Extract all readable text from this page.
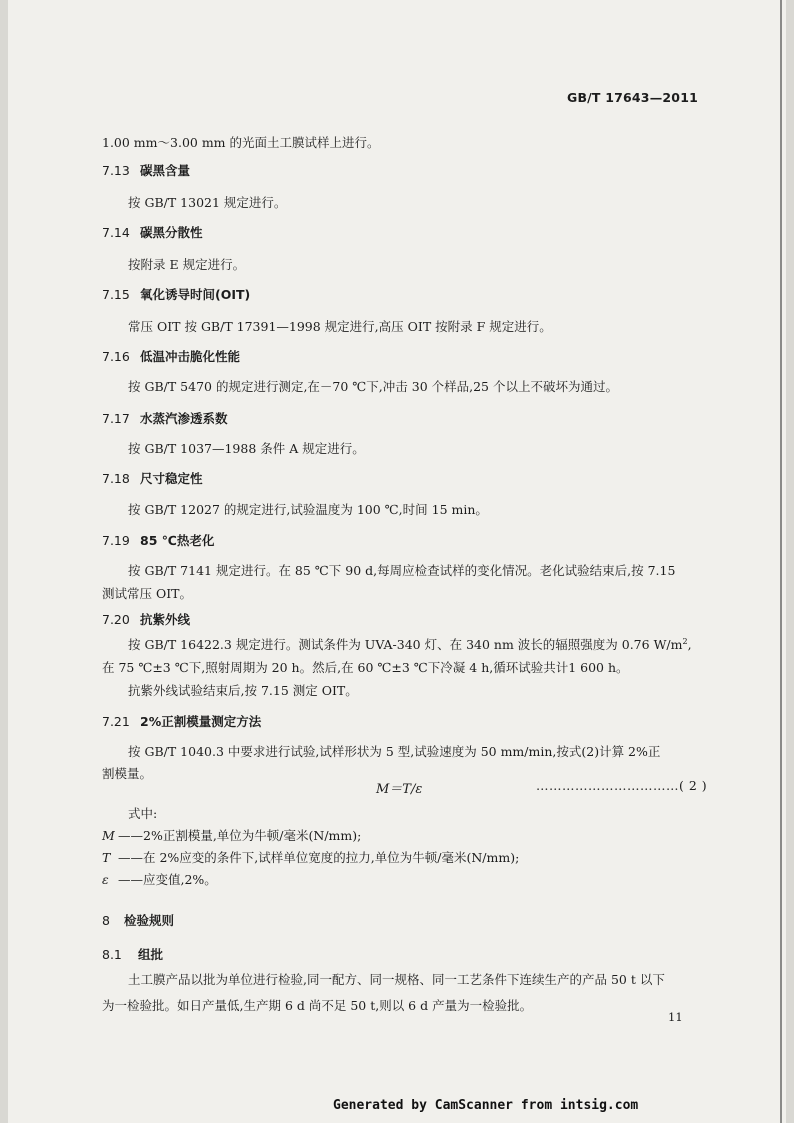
GB/T 17643—2011
1.00 mm～3.00 mm 的光面土工膜试样上进行。
7.13 碳黑含量
按 GB/T 13021 规定进行。
7.14 碳黑分散性
按附录 E 规定进行。
7.15 氧化诱导时间(OIT)
常压 OIT 按 GB/T 17391—1998 规定进行,高压 OIT 按附录 F 规定进行。
7.16 低温冲击脆化性能
按 GB/T 5470 的规定进行测定,在－70 ℃下,冲击 30 个样品,25 个以上不破坏为通过。
7.17 水蒸汽渗透系数
按 GB/T 1037—1988 条件 A 规定进行。
7.18 尺寸稳定性
按 GB/T 12027 的规定进行,试验温度为 100 ℃,时间 15 min。
7.19 85 ℃热老化
按 GB/T 7141 规定进行。在 85 ℃下 90 d,每周应检查试样的变化情况。老化试验结束后,按 7.15
测试常压 OIT。
7.20 抗紫外线
按 GB/T 16422.3 规定进行。测试条件为 UVA-340 灯、在 340 nm 波长的辐照强度为 0.76 $W/m^2$,
在 75 ℃±3 ℃下,照射周期为 20 h。然后,在 60 ℃±3 ℃下冷凝 4 h,循环试验共计1 600 h。
抗紫外线试验结束后,按 7.15 测定 OIT。
7.21 2%正割模量测定方法
按 GB/T 1040.3 中要求进行试验,试样形状为 5 型,试验速度为 50 mm/min,按式(2)计算 2%正
割模量。
M＝T/ε	……………………………( 2 )
式中:
M ——2%正割模量,单位为牛顿/毫米(N/mm);
T ——在 2%应变的条件下,试样单位宽度的拉力,单位为牛顿/毫米(N/mm);
ε ——应变值,2%。
8 检验规则
8.1 组批
土工膜产品以批为单位进行检验,同一配方、同一规格、同一工艺条件下连续生产的产品 50 t 以下
为一检验批。如日产量低,生产期 6 d 尚不足 50 t,则以 6 d 产量为一检验批。
11
Generated by CamScanner from intsig.com
